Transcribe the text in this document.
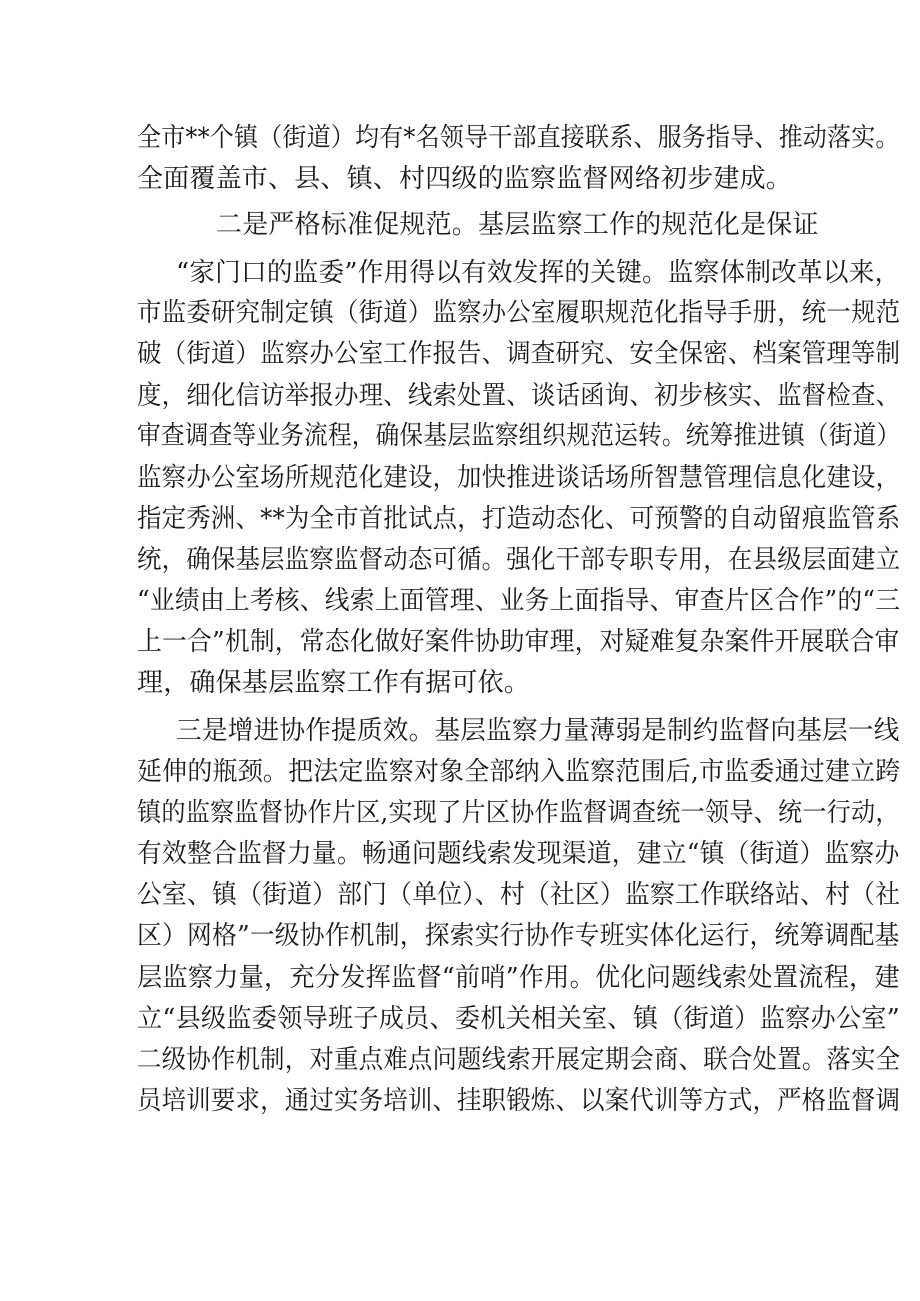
全市**个镇（街道）均有*名领导干部直接联系、服务指导、推动落实。
全面覆盖市、县、镇、村四级的监察监督网络初步建成。
二是严格标准促规范。基层监察工作的规范化是保证
“家门口的监委”作用得以有效发挥的关键。监察体制改革以来，
市监委研究制定镇（街道）监察办公室履职规范化指导手册，统一规范
破（街道）监察办公室工作报告、调查研究、安全保密、档案管理等制
度，细化信访举报办理、线索处置、谈话函询、初步核实、监督检查、
审查调查等业务流程，确保基层监察组织规范运转。统筹推进镇（街道）
监察办公室场所规范化建设，加快推进谈话场所智慧管理信息化建设，
指定秀洲、**为全市首批试点，打造动态化、可预警的自动留痕监管系
统，确保基层监察监督动态可循。强化干部专职专用，在县级层面建立
“业绩由上考核、线索上面管理、业务上面指导、审查片区合作”的“三
上一合”机制，常态化做好案件协助审理，对疑难复杂案件开展联合审
理，确保基层监察工作有据可依。
三是增进协作提质效。基层监察力量薄弱是制约监督向基层一线
延伸的瓶颈。把法定监察对象全部纳入监察范围后,市监委通过建立跨
镇的监察监督协作片区,实现了片区协作监督调查统一领导、统一行动，
有效整合监督力量。畅通问题线索发现渠道，建立“镇（街道）监察办
公室、镇（街道）部门（单位）、村（社区）监察工作联络站、村（社
区）网格”一级协作机制，探索实行协作专班实体化运行，统筹调配基
层监察力量，充分发挥监督“前哨”作用。优化问题线索处置流程，建
立“县级监委领导班子成员、委机关相关室、镇（街道）监察办公室”
二级协作机制，对重点难点问题线索开展定期会商、联合处置。落实全
员培训要求，通过实务培训、挂职锻炼、以案代训等方式，严格监督调
